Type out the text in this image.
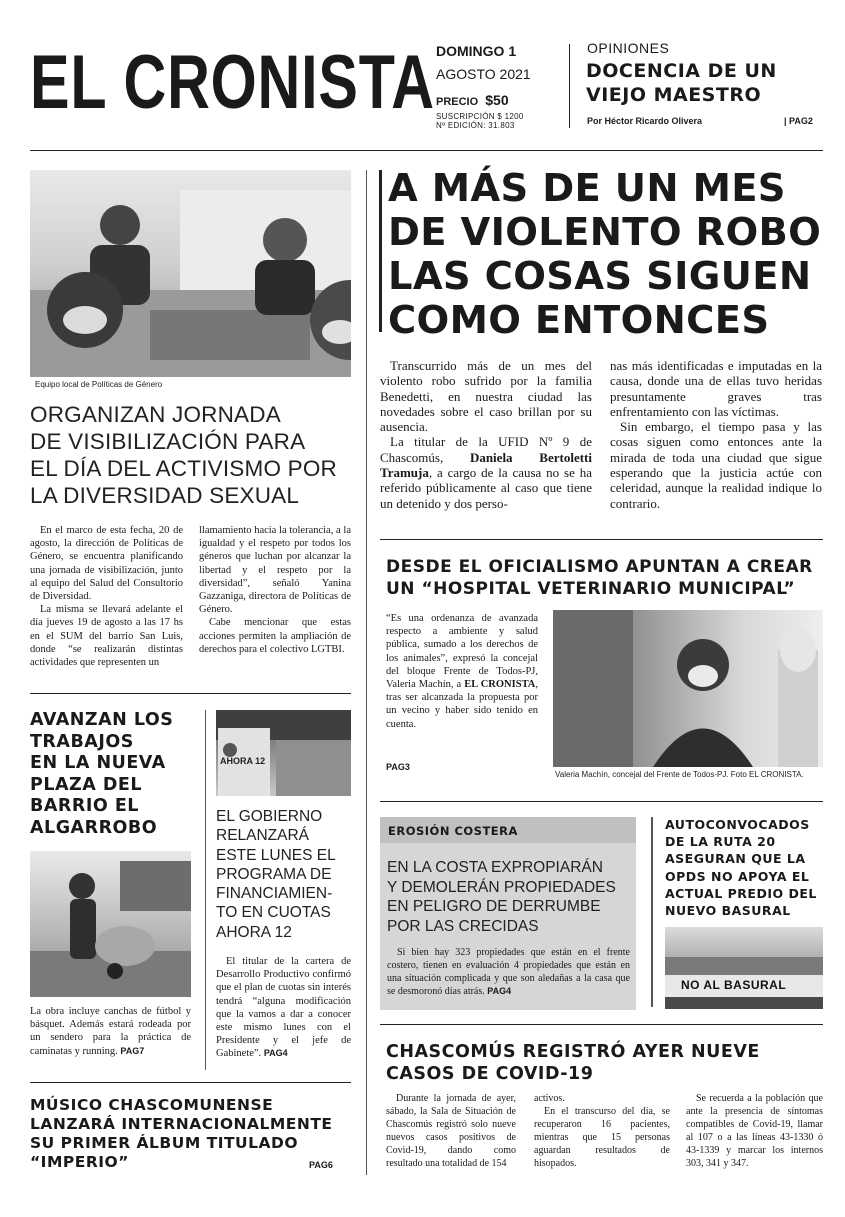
EL CRONISTA DOMINGO 1
AGOSTO 2021
PRECIO $50
SUSCRIPCIÓN $ 1200
Nº EDICIÓN: 31.803
OPINIONES
DOCENCIA DE UN
VIEJO MAESTRO
Por Héctor Ricardo Olivera	| PAG2
Equipo local de Políticas de Género
ORGANIZAN JORNADA
DE VISIBILIZACIÓN PARA
EL DÍA DEL ACTIVISMO POR
LA DIVERSIDAD SEXUAL

En el marco de esta fecha, 20 de agosto, la dirección de Políticas de Género, se encuentra planificando una jornada de visibilización, junto al equipo del Salud del Consultorio de Diversidad.

La misma se llevará adelante el día jueves 19 de agosto a las 17 hs en el SUM del barrio San Luis, donde “se realizarán distintas actividades que representen un

llamamiento hacia la tolerancia, a la igualdad y el respeto por todos los géneros que luchan por alcanzar la libertad y el respeto por la diversidad”, señaló Yanina Gazzaniga, directora de Políticas de Género.

Cabe mencionar que estas acciones permiten la ampliación de derechos para el colectivo LGTBI.

A MÁS DE UN MES
DE VIOLENTO ROBO
LAS COSAS SIGUEN
COMO ENTONCES

Transcurrido más de un mes del violento robo sufrido por la familia Benedetti, en nuestra ciudad las novedades sobre el caso brillan por su ausencia.

La titular de la UFID Nº 9 de Chascomús, Daniela Bertoletti Tramuja, a cargo de la causa no se ha referido públicamente al caso que tiene un detenido y dos perso-

nas más identificadas e imputadas en la causa, donde una de ellas tuvo heridas presuntamente graves tras enfrentamiento con las víctimas.

Sin embargo, el tiempo pasa y las cosas siguen como entonces ante la mirada de toda una ciudad que sigue esperando que la justicia actúe con celeridad, aunque la realidad indique lo contrario.

DESDE EL OFICIALISMO APUNTAN A CREAR
UN “HOSPITAL VETERINARIO MUNICIPAL”

“Es una ordenanza de avanzada respecto a ambiente y salud pública, sumado a los derechos de los animales”, expresó la concejal del bloque Frente de Todos-PJ, Valeria Machín, a EL CRONISTA, tras ser alcanzada la propuesta por un vecino y haber sido tenido en cuenta.

PAG3
Valeria Machín, concejal del Frente de Todos-PJ. Foto EL CRONISTA.
AVANZAN LOS
TRABAJOS
EN LA NUEVA
PLAZA DEL
BARRIO EL
ALGARROBO

La obra incluye canchas de fútbol y básquet. Además estará rodeada por un sendero para la práctica de caminatas y running. PAG7

AHORA 12
EL GOBIERNO
RELANZARÁ
ESTE LUNES EL
PROGRAMA DE
FINANCIAMIEN-
TO EN CUOTAS
AHORA 12

El titular de la cartera de Desarrollo Productivo confirmó que el plan de cuotas sin interés tendrá “alguna modificación que la vamos a dar a conocer este mismo lunes con el Presidente y el jefe de Gabinete”. PAG4

MÚSICO CHASCOMUNENSE
LANZARÁ INTERNACIONALMENTE
SU PRIMER ÁLBUM TITULADO
“IMPERIO”	PAG6
EROSIÓN COSTERA
EN LA COSTA EXPROPIARÁN
Y DEMOLERÁN PROPIEDADES
EN PELIGRO DE DERRUMBE
POR LAS CRECIDAS

Si bien hay 323 propiedades que están en el frente costero, tienen en evaluación 4 propiedades que están en una situación complicada y que son aledañas a la casa que se desmoronó días atrás. PAG4

AUTOCONVOCADOS
DE LA RUTA 20
ASEGURAN QUE LA
OPDS NO APOYA EL
ACTUAL PREDIO DEL
NUEVO BASURAL
NO AL BASURAL
CHASCOMÚS REGISTRÓ AYER NUEVE
CASOS DE COVID-19

Durante la jornada de ayer, sábado, la Sala de Situación de Chascomús registró solo nueve nuevos casos positivos de Covid-19, dando como resultado una totalidad de 154

activos.

En el transcurso del día, se recuperaron 16 pacientes, mientras que 15 personas aguardan resultados de hisopados.

Se recuerda a la población que ante la presencia de síntomas compatibles de Covid-19, llamar al 107 o a las líneas 43-1330 ó 43-1339 y marcar los internos 303, 341 y 347.
